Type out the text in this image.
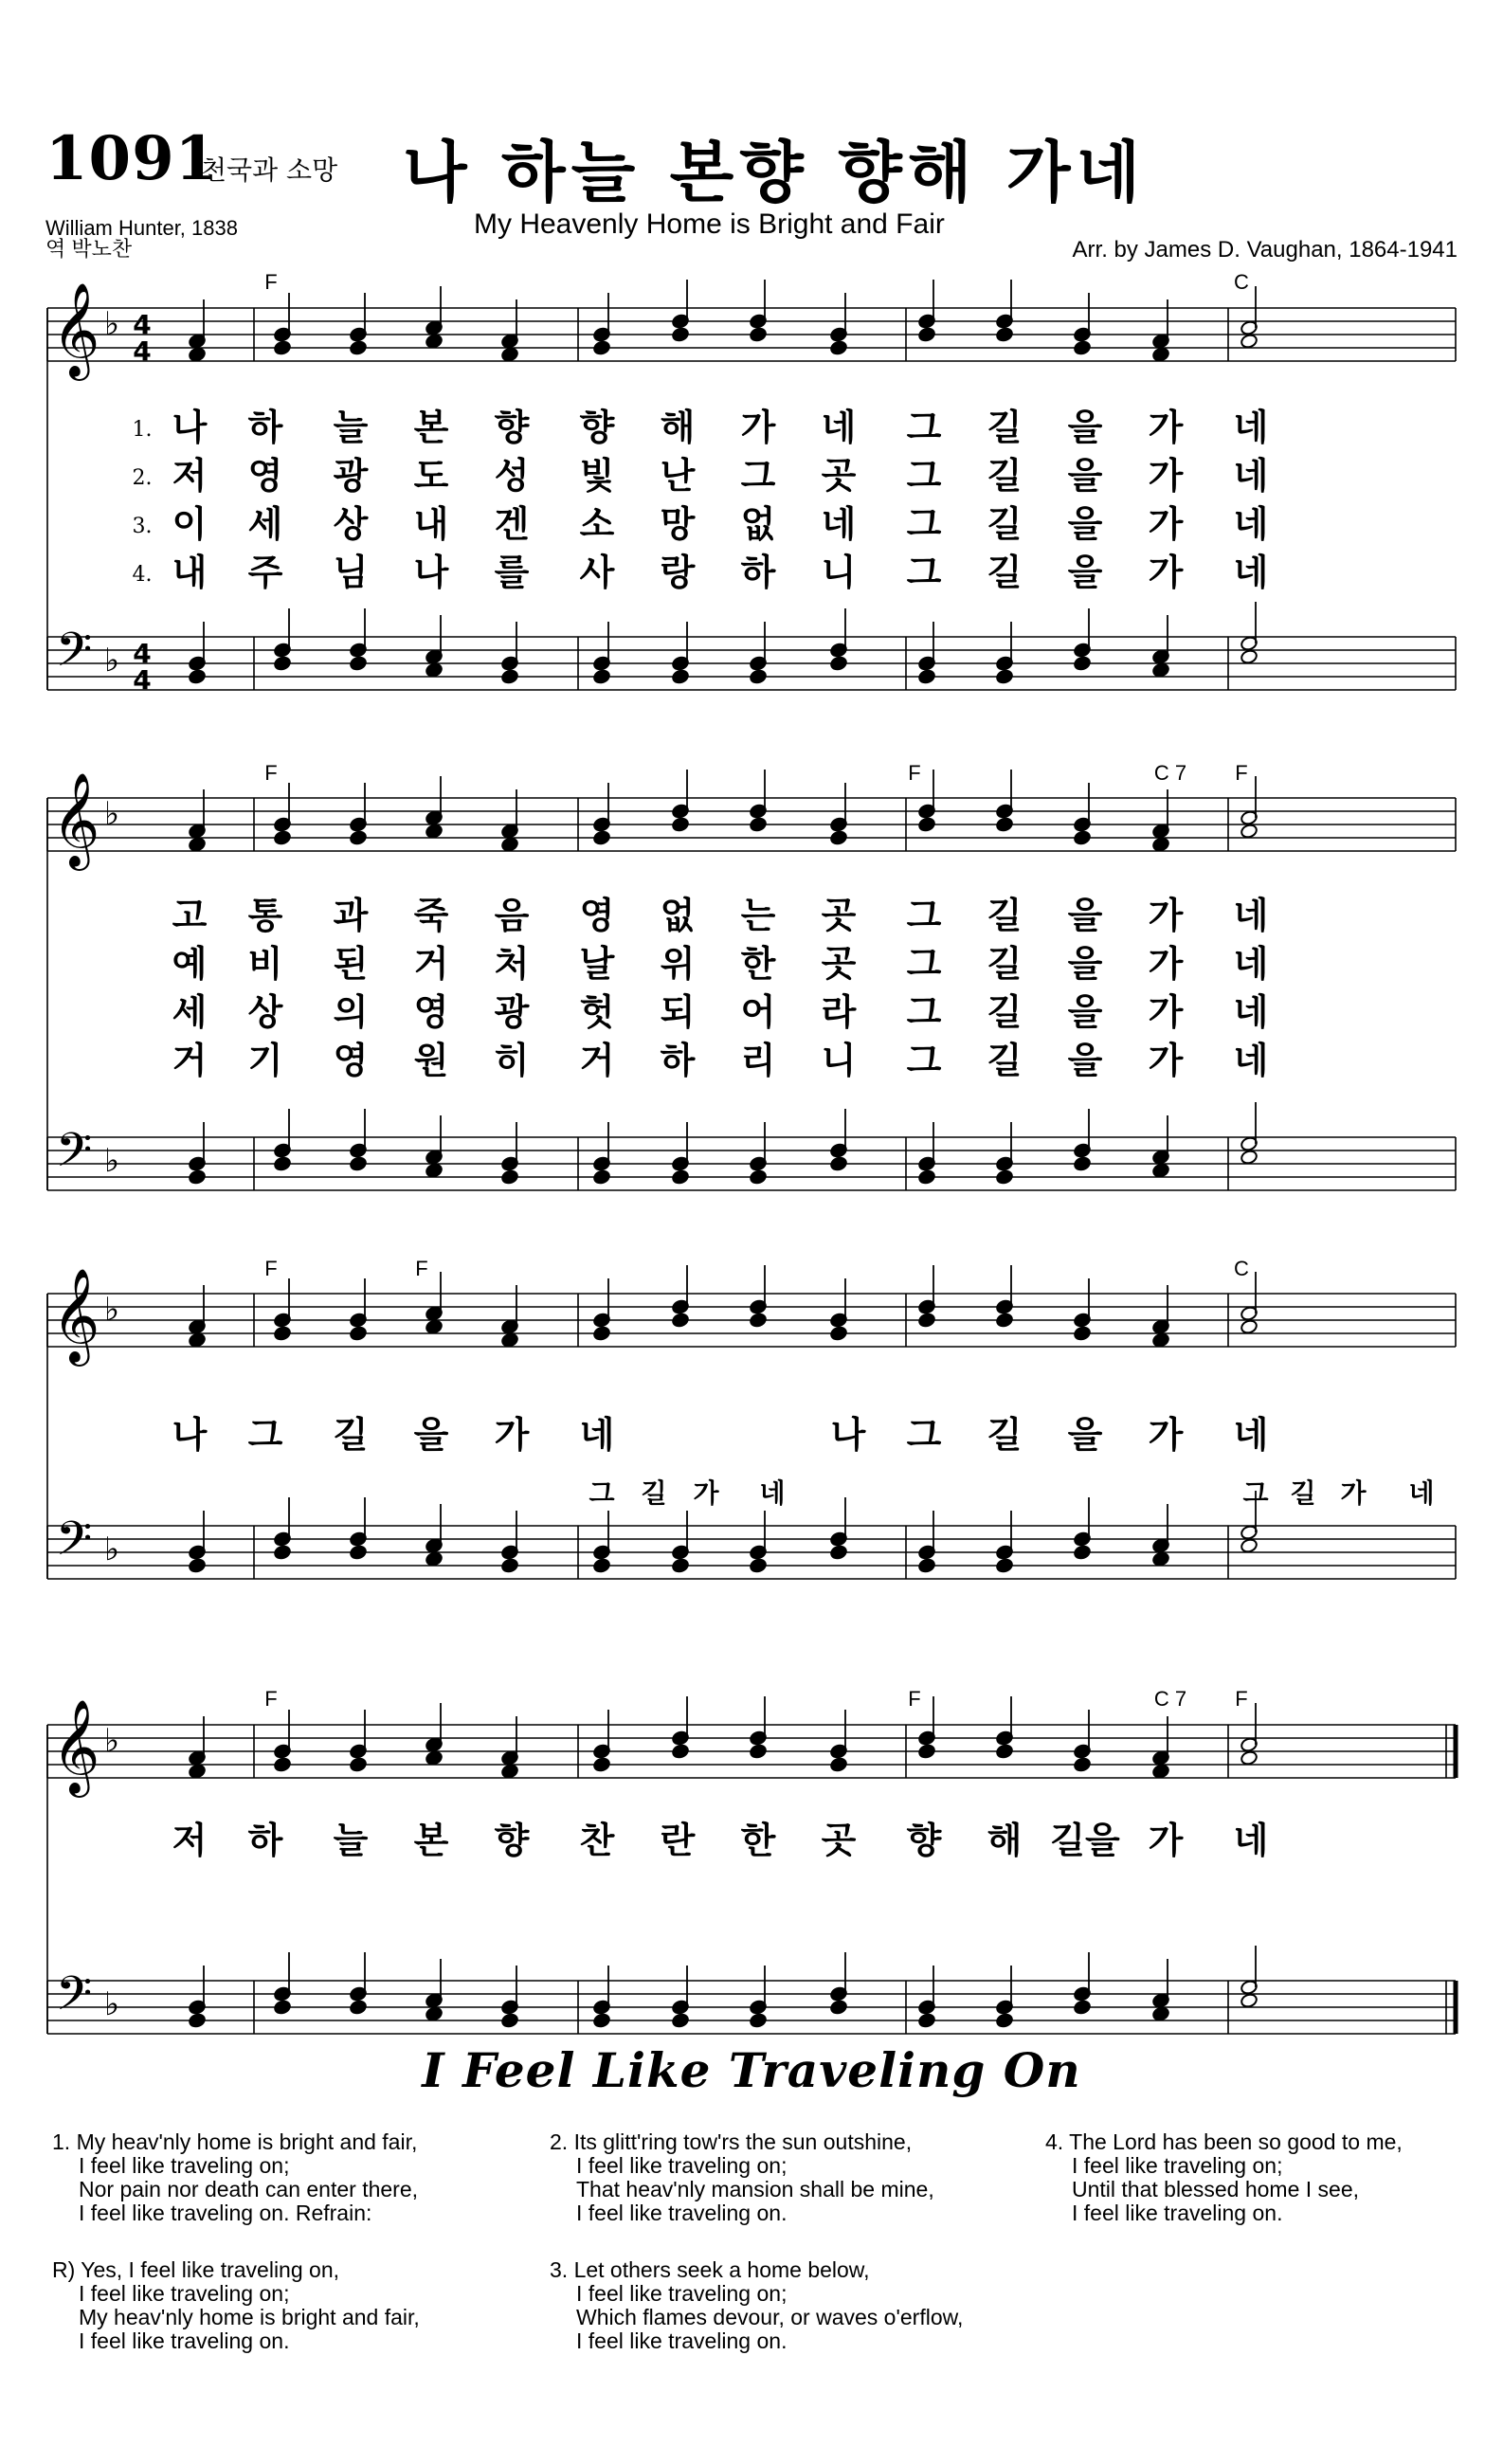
1091
천국과 소망 나 하늘 본향 향해 가네
My Heavenly Home is Bright and Fair
William Hunter, 1838
역 박노찬	Arr. by James D. Vaughan, 1864-1941
𝄞
𝄢
♭
♭
4
4
4
4
F	C
1. 나 하 늘 본 향 향 해 가 네 그 길 을 가 네
2. 저 영 광 도 성 빛 난 그 곳 그 길 을 가 네
3. 이 세 상 내 겐 소 망 없 네 그 길 을 가 네
4. 내 주 님 나 를 사 랑 하 니 그 길 을 가 네
𝄞
𝄢
♭
♭
F	F	C 7 F
고 통 과 죽 음 영 없 는 곳 그 길 을 가 네
예 비 된 거 처 날 위 한 곳 그 길 을 가 네
세 상 의 영 광 헛 되 어 라 그 길 을 가 네
거 기 영 원 히 거 하 리 니 그 길 을 가 네
𝄞
𝄢
♭
♭
F	F	C
나 그 길 을 가 네	나 그 길 을 가 네
그 길 가 네	그 길 가 네
𝄞
𝄢
♭
♭
F	F	C 7 F
저 하 늘 본 향 찬 란 한 곳 향 해 길을 가 네
I Feel Like Traveling On
1. My heav'nly home is bright and fair,
I feel like traveling on;
Nor pain nor death can enter there,
I feel like traveling on. Refrain:
R) Yes, I feel like traveling on,
I feel like traveling on;
My heav'nly home is bright and fair,
I feel like traveling on.
2. Its glitt'ring tow'rs the sun outshine,
I feel like traveling on;
That heav'nly mansion shall be mine,
I feel like traveling on.
3. Let others seek a home below,
I feel like traveling on;
Which flames devour, or waves o'erflow,
I feel like traveling on.
4. The Lord has been so good to me,
I feel like traveling on;
Until that blessed home I see,
I feel like traveling on.
